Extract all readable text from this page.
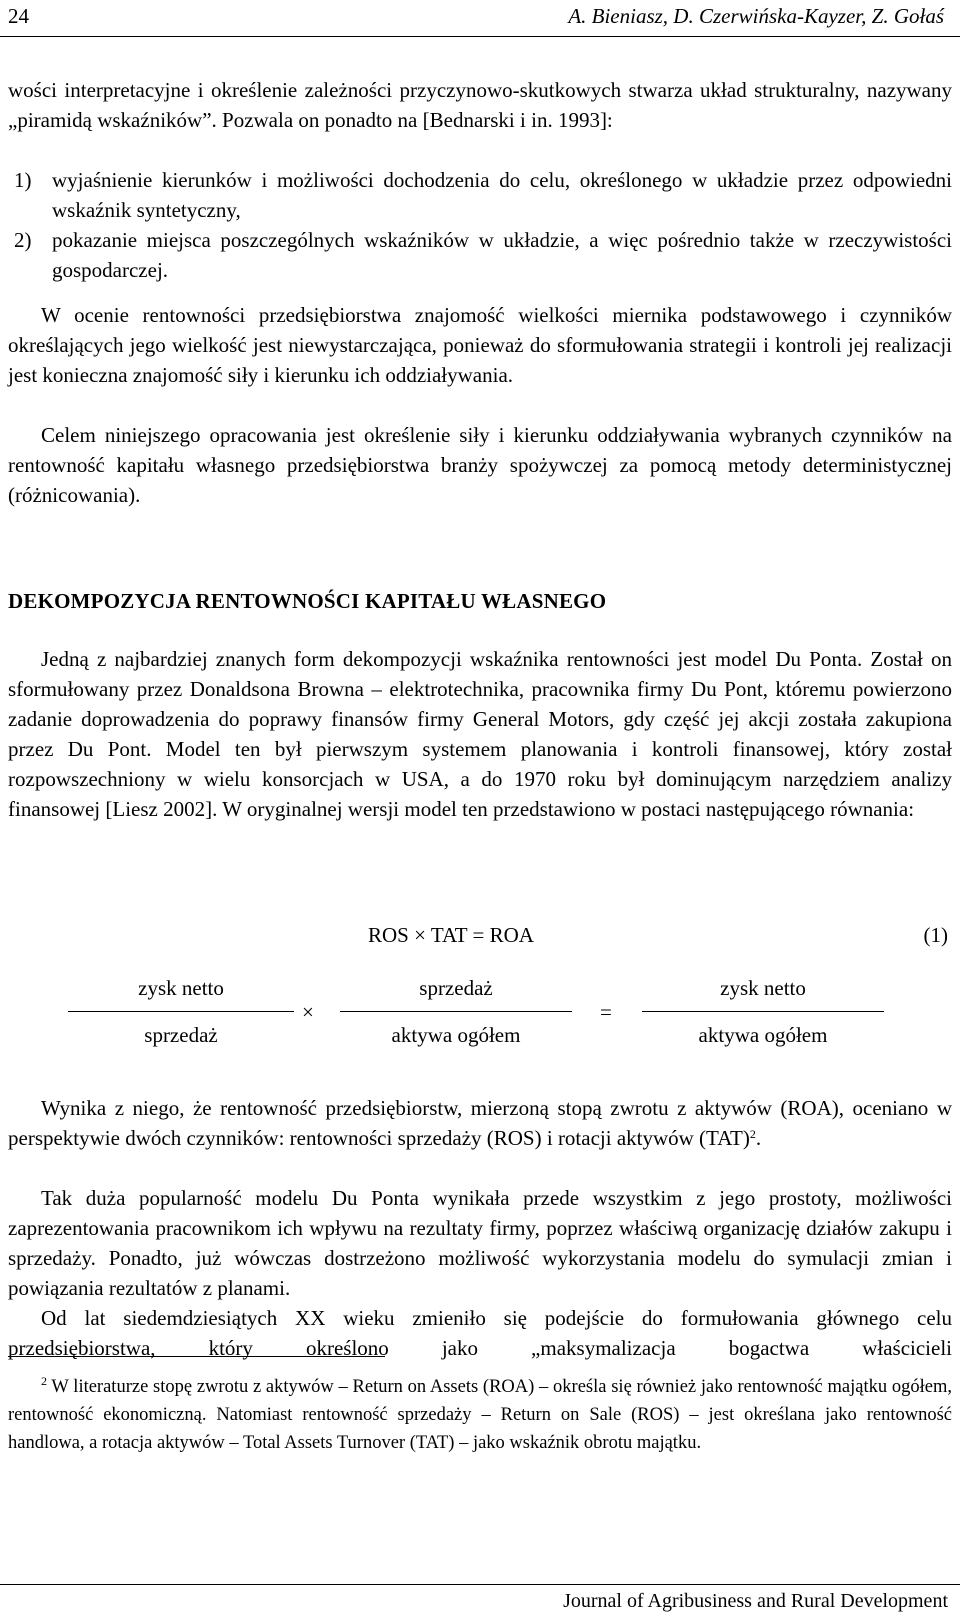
24	A. Bieniasz, D. Czerwińska-Kayzer, Z. Gołaś

wości interpretacyjne i określenie zależności przyczynowo-skutkowych stwarza układ strukturalny, nazywany „piramidą wskaźników”. Pozwala on ponadto na [Bednarski i in. 1993]:

1) wyjaśnienie kierunków i możliwości dochodzenia do celu, określonego w układzie przez odpowiedni wskaźnik syntetyczny,
2) pokazanie miejsca poszczególnych wskaźników w układzie, a więc pośrednio także w rzeczywistości gospodarczej.

W ocenie rentowności przedsiębiorstwa znajomość wielkości miernika podstawowego i czynników określających jego wielkość jest niewystarczająca, ponieważ do sformułowania strategii i kontroli jej realizacji jest konieczna znajomość siły i kierunku ich oddziaływania.

Celem niniejszego opracowania jest określenie siły i kierunku oddziaływania wybranych czynników na rentowność kapitału własnego przedsiębiorstwa branży spożywczej za pomocą metody deterministycznej (różnicowania).

DEKOMPOZYCJA RENTOWNOŚCI KAPITAŁU WŁASNEGO

Jedną z najbardziej znanych form dekompozycji wskaźnika rentowności jest model Du Ponta. Został on sformułowany przez Donaldsona Browna – elektrotechnika, pracownika firmy Du Pont, któremu powierzono zadanie doprowadzenia do poprawy finansów firmy General Motors, gdy część jej akcji została zakupiona przez Du Pont. Model ten był pierwszym systemem planowania i kontroli finansowej, który został rozpowszechniony w wielu konsorcjach w USA, a do 1970 roku był dominującym narzędziem analizy finansowej [Liesz 2002]. W oryginalnej wersji model ten przedstawiono w postaci następującego równania:

ROS × TAT = ROA	(1)
zysk netto
sprzedaż
×
sprzedaż
aktywa ogółem
=
zysk netto
aktywa ogółem

Wynika z niego, że rentowność przedsiębiorstw, mierzoną stopą zwrotu z aktywów (ROA), oceniano w perspektywie dwóch czynników: rentowności sprzedaży (ROS) i rotacji aktywów (TAT)$^2$.

Tak duża popularność modelu Du Ponta wynikała przede wszystkim z jego prostoty, możliwości zaprezentowania pracownikom ich wpływu na rezultaty firmy, poprzez właściwą organizację działów zakupu i sprzedaży. Ponadto, już wówczas dostrzeżono możliwość wykorzystania modelu do symulacji zmian i powiązania rezultatów z planami.

Od lat siedemdziesiątych XX wieku zmieniło się podejście do formułowania głównego celu przedsiębiorstwa, który określono jako „maksymalizacja bogactwa właścicieli

$^2$ W literaturze stopę zwrotu z aktywów – Return on Assets (ROA) – określa się również jako rentowność majątku ogółem, rentowność ekonomiczną. Natomiast rentowność sprzedaży – Return on Sale (ROS) – jest określana jako rentowność handlowa, a rotacja aktywów – Total Assets Turnover (TAT) – jako wskaźnik obrotu majątku.

Journal of Agribusiness and Rural Development
